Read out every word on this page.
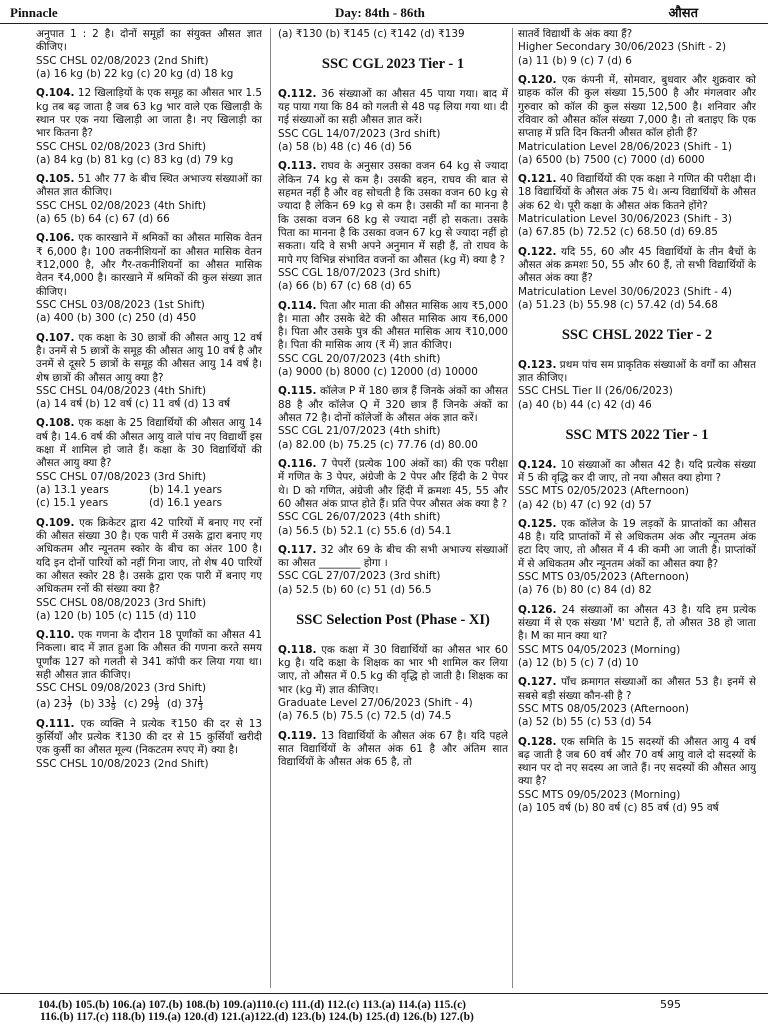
Pinnacle	Day: 84th - 86th	औसत
अनुपात 1 : 2 है। दोनों समूहों का संयुक्त औसत ज्ञात कीजिए।
SSC CHSL 02/08/2023 (2nd Shift)
(a) 16 kg (b) 22 kg (c) 20 kg (d) 18 kg
Q.104. 12 खिलाड़ियों के एक समूह का औसत भार 1.5 kg तब बढ़ जाता है जब 63 kg भार वाले एक खिलाड़ी के स्थान पर एक नया खिलाड़ी आ जाता है। नए खिलाड़ी का भार कितना है?
SSC CHSL 02/08/2023 (3rd Shift)
(a) 84 kg (b) 81 kg (c) 83 kg (d) 79 kg
Q.105. 51 और 77 के बीच स्थित अभाज्य संख्याओं का औसत ज्ञात कीजिए।
SSC CHSL 02/08/2023 (4th Shift)
(a) 65 (b) 64 (c) 67 (d) 66
Q.106. एक कारखाने में श्रमिकों का औसत मासिक वेतन ₹ 6,000 है। 100 तकनीशियनों का औसत मासिक वेतन ₹12,000 है, और गैर-तकनीशियनों का औसत मासिक वेतन ₹4,000 है। कारखाने में श्रमिकों की कुल संख्या ज्ञात कीजिए।
SSC CHSL 03/08/2023 (1st Shift)
(a) 400 (b) 300 (c) 250 (d) 450
Q.107. एक कक्षा के 30 छात्रों की औसत आयु 12 वर्ष है। उनमें से 5 छात्रों के समूह की औसत आयु 10 वर्ष है और उनमें से दूसरे 5 छात्रों के समूह की औसत आयु 14 वर्ष है। शेष छात्रों की औसत आयु क्या है?
SSC CHSL 04/08/2023 (4th Shift)
(a) 14 वर्ष (b) 12 वर्ष (c) 11 वर्ष (d) 13 वर्ष
Q.108. एक कक्षा के 25 विद्यार्थियों की औसत आयु 14 वर्ष है। 14.6 वर्ष की औसत आयु वाले पांच नए विद्यार्थी इस कक्षा में शामिल हो जाते हैं। कक्षा के 30 विद्यार्थियों की औसत आयु क्या है?
SSC CHSL 07/08/2023 (3rd Shift)
(a) 13.1 years	(b) 14.1 years
(c) 15.1 years	(d) 16.1 years
Q.109. एक क्रिकेटर द्वारा 42 पारियों में बनाए गए रनों की औसत संख्या 30 है। एक पारी में उसके द्वारा बनाए गए अधिकतम और न्यूनतम स्कोर के बीच का अंतर 100 है। यदि इन दोनों पारियों को नहीं गिना जाए, तो शेष 40 पारियों का औसत स्कोर 28 है। उसके द्वारा एक पारी में बनाए गए अधिकतम रनों की संख्या क्या है?
SSC CHSL 08/08/2023 (3rd Shift)
(a) 120 (b) 105 (c) 115 (d) 110
Q.110. एक गणना के दौरान 18 पूर्णांकों का औसत 41 निकला। बाद में ज्ञात हुआ कि औसत की गणना करते समय पूर्णांक 127 को गलती से 341 कॉपी कर लिया गया था। सही औसत ज्ञात कीजिए।
SSC CHSL 09/08/2023 (3rd Shift)
(a) $23 \frac{1}{7} (b)$ $33 \frac{1}{9} (c)$ $29 \frac{1}{9} (d)$ $37 \frac{1}{3}$
Q.111. एक व्यक्ति ने प्रत्येक ₹150 की दर से 13 कुर्सियाँ और प्रत्येक ₹130 की दर से 15 कुर्सियाँ खरीदी एक कुर्सी का औसत मूल्य (निकटतम रुपए में) क्या है।
SSC CHSL 10/08/2023 (2nd Shift)
(a) ₹130 (b) ₹145 (c) ₹142 (d) ₹139
SSC CGL 2023 Tier - 1
Q.112. 36 संख्याओं का औसत 45 पाया गया। बाद में यह पाया गया कि 84 को गलती से 48 पढ़ लिया गया था। दी गई संख्याओं का सही औसत ज्ञात करें।
SSC CGL 14/07/2023 (3rd shift)
(a) 58 (b) 48 (c) 46 (d) 56
Q.113. राघव के अनुसार उसका वजन 64 kg से ज्यादा लेकिन 74 kg से कम है। उसकी बहन, राघव की बात से सहमत नहीं है और वह सोचती है कि उसका वजन 60 kg से ज्यादा है लेकिन 69 kg से कम है। उसकी माँ का मानना है कि उसका वजन 68 kg से ज्यादा नहीं हो सकता। उसके पिता का मानना है कि उसका वजन 67 kg से ज्यादा नहीं हो सकता। यदि वे सभी अपने अनुमान में सही हैं, तो राघव के मापे गए विभिन्न संभावित वजनों का औसत (kg में) क्या है ?
SSC CGL 18/07/2023 (3rd shift)
(a) 66 (b) 67 (c) 68 (d) 65
Q.114. पिता और माता की औसत मासिक आय ₹5,000 है। माता और उसके बेटे की औसत मासिक आय ₹6,000 है। पिता और उसके पुत्र की औसत मासिक आय ₹10,000 है। पिता की मासिक आय (₹ में) ज्ञात कीजिए।
SSC CGL 20/07/2023 (4th shift)
(a) 9000 (b) 8000 (c) 12000 (d) 10000
Q.115. कॉलेज P में 180 छात्र हैं जिनके अंकों का औसत 88 है और कॉलेज Q में 320 छात्र हैं जिनके अंकों का औसत 72 है। दोनों कॉलेजों के औसत अंक ज्ञात करें।
SSC CGL 21/07/2023 (4th shift)
(a) 82.00 (b) 75.25 (c) 77.76 (d) 80.00
Q.116. 7 पेपरों (प्रत्येक 100 अंकों का) की एक परीक्षा में गणित के 3 पेपर, अंग्रेजी के 2 पेपर और हिंदी के 2 पेपर थे। D को गणित, अंग्रेजी और हिंदी में क्रमशः 45, 55 और 60 औसत अंक प्राप्त होते हैं। प्रति पेपर औसत अंक क्या है ?
SSC CGL 26/07/2023 (4th shift)
(a) 56.5 (b) 52.1 (c) 55.6 (d) 54.1
Q.117. 32 और 69 के बीच की सभी अभाज्य संख्याओं का औसत ________ होगा ।
SSC CGL 27/07/2023 (3rd shift)
(a) 52.5 (b) 60 (c) 51 (d) 56.5
SSC Selection Post (Phase - XI)
Q.118. एक कक्षा में 30 विद्यार्थियों का औसत भार 60 kg है। यदि कक्षा के शिक्षक का भार भी शामिल कर लिया जाए, तो औसत में 0.5 kg की वृद्धि हो जाती है। शिक्षक का भार (kg में) ज्ञात कीजिए।
Graduate Level 27/06/2023 (Shift - 4)
(a) 76.5 (b) 75.5 (c) 72.5 (d) 74.5
Q.119. 13 विद्यार्थियों के औसत अंक 67 है। यदि पहले सात विद्यार्थियों के औसत अंक 61 है और अंतिम सात विद्यार्थियों के औसत अंक 65 है, तो
सातवें विद्यार्थी के अंक क्या हैं?
Higher Secondary 30/06/2023 (Shift - 2)
(a) 11 (b) 9 (c) 7 (d) 6
Q.120. एक कंपनी में, सोमवार, बुधवार और शुक्रवार को ग्राहक कॉल की कुल संख्या 15,500 है और मंगलवार और गुरुवार को कॉल की कुल संख्या 12,500 है। शनिवार और रविवार को औसत कॉल संख्या 7,000 है। तो बताइए कि एक सप्ताह में प्रति दिन कितनी औसत कॉल होती हैं?
Matriculation Level 28/06/2023 (Shift - 1)
(a) 6500 (b) 7500 (c) 7000 (d) 6000
Q.121. 40 विद्यार्थियों की एक कक्षा ने गणित की परीक्षा दी। 18 विद्यार्थियों के औसत अंक 75 थे। अन्य विद्यार्थियों के औसत अंक 62 थे। पूरी कक्षा के औसत अंक कितने होंगे?
Matriculation Level 30/06/2023 (Shift - 3)
(a) 67.85 (b) 72.52 (c) 68.50 (d) 69.85
Q.122. यदि 55, 60 और 45 विद्यार्थियों के तीन बैचों के औसत अंक क्रमशः 50, 55 और 60 हैं, तो सभी विद्यार्थियों के औसत अंक क्या हैं?
Matriculation Level 30/06/2023 (Shift - 4)
(a) 51.23 (b) 55.98 (c) 57.42 (d) 54.68
SSC CHSL 2022 Tier - 2
Q.123. प्रथम पांच सम प्राकृतिक संख्याओं के वर्गों का औसत ज्ञात कीजिए।
SSC CHSL Tier II (26/06/2023)
(a) 40 (b) 44 (c) 42 (d) 46
SSC MTS 2022 Tier - 1
Q.124. 10 संख्याओं का औसत 42 है। यदि प्रत्येक संख्या में 5 की वृद्धि कर दी जाए, तो नया औसत क्या होगा ?
SSC MTS 02/05/2023 (Afternoon)
(a) 42 (b) 47 (c) 92 (d) 57
Q.125. एक कॉलेज के 19 लड़कों के प्राप्तांकों का औसत 48 है। यदि प्राप्तांकों में से अधिकतम अंक और न्यूनतम अंक हटा दिए जाए, तो औसत में 4 की कमी आ जाती है। प्राप्तांकों में से अधिकतम और न्यूनतम अंकों का औसत क्या है?
SSC MTS 03/05/2023 (Afternoon)
(a) 76 (b) 80 (c) 84 (d) 82
Q.126. 24 संख्याओं का औसत 43 है। यदि हम प्रत्येक संख्या में से एक संख्या 'M' घटाते हैं, तो औसत 38 हो जाता है। M का मान क्या था?
SSC MTS 04/05/2023 (Morning)
(a) 12 (b) 5 (c) 7 (d) 10
Q.127. पाँच क्रमागत संख्याओं का औसत 53 है। इनमें से सबसे बड़ी संख्या कौन-सी है ?
SSC MTS 08/05/2023 (Afternoon)
(a) 52 (b) 55 (c) 53 (d) 54
Q.128. एक समिति के 15 सदस्यों की औसत आयु 4 वर्ष बढ़ जाती है जब 60 वर्ष और 70 वर्ष आयु वाले दो सदस्यों के स्थान पर दो नए सदस्य आ जाते हैं। नए सदस्यों की औसत आयु क्या है?
SSC MTS 09/05/2023 (Morning)
(a) 105 वर्ष (b) 80 वर्ष (c) 85 वर्ष (d) 95 वर्ष
104.(b) 105.(b) 106.(a) 107.(b) 108.(b) 109.(a)110.(c) 111.(d) 112.(c) 113.(a) 114.(a) 115.(c)
116.(b) 117.(c) 118.(b) 119.(a) 120.(d) 121.(a)122.(d) 123.(b) 124.(b) 125.(d) 126.(b) 127.(b)
595
